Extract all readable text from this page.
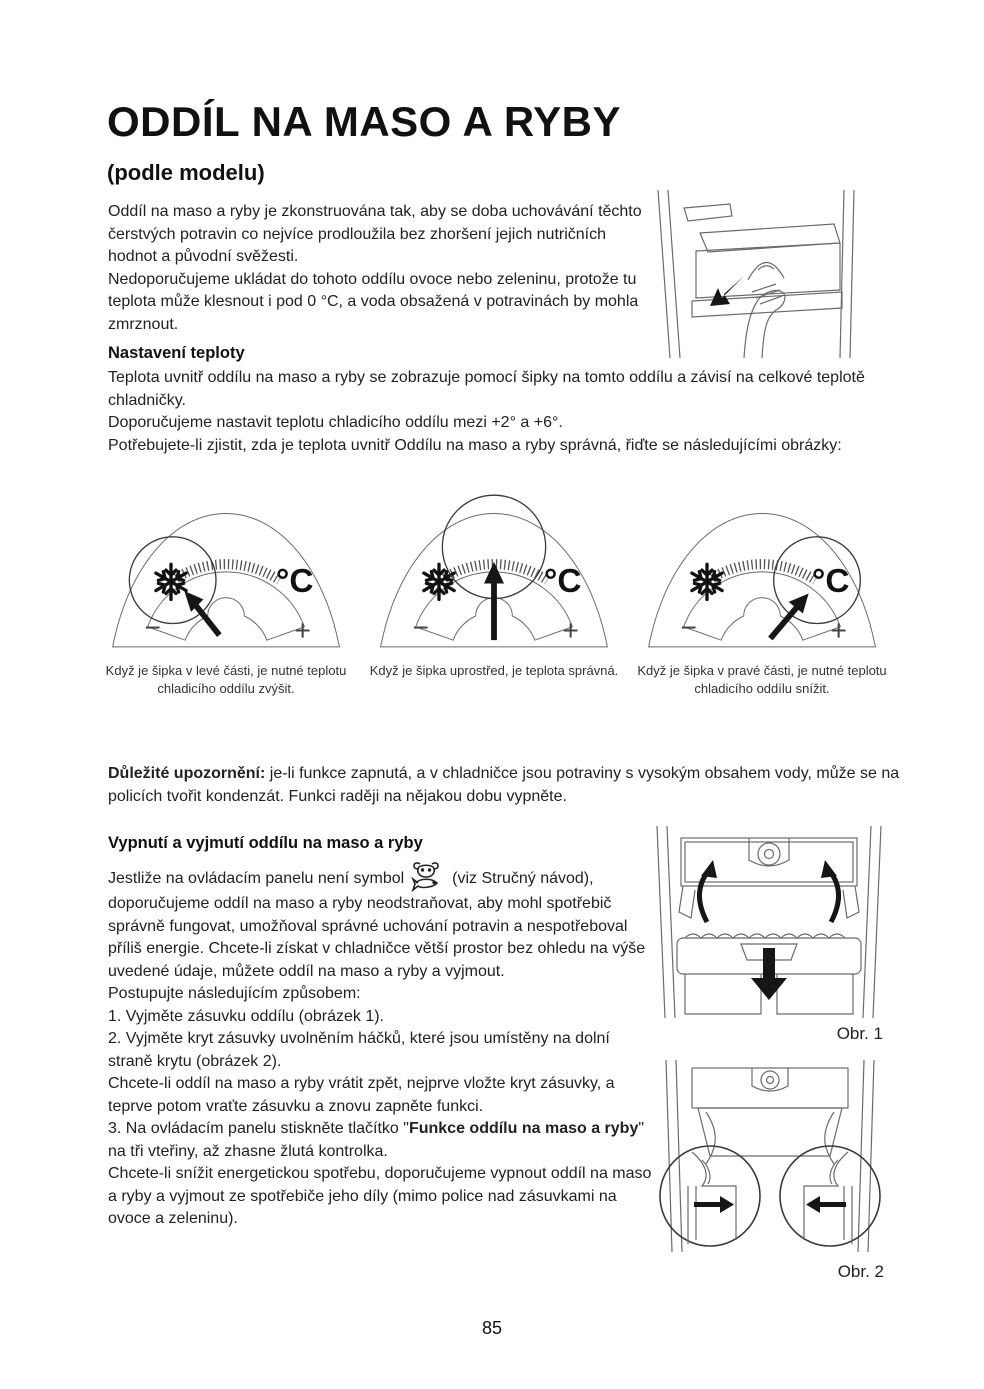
ODDÍL NA MASO A RYBY
(podle modelu)

Oddíl na maso a ryby je zkonstruována tak, aby se doba uchovávání těchto čerstvých potravin co nejvíce prodloužila bez zhoršení jejich nutričních hodnot a původní svěžesti.

Nedoporučujeme ukládat do tohoto oddílu ovoce nebo zeleninu, protože tu teplota může klesnout i pod 0 °C, a voda obsažená v potravinách by mohla zmrznout.

Nastavení teploty

Teplota uvnitř oddílu na maso a ryby se zobrazuje pomocí šipky na tomto oddílu a závisí na celkové teplotě chladničky.

Doporučujeme nastavit teplotu chladicího oddílu mezi +2° a +6°.

Potřebujete-li zjistit, zda je teplota uvnitř Oddílu na maso a ryby správná, řiďte se následujícími obrázky:

°C
−	+
Když je šipka v levé části, je nutné teplotu chladicího oddílu zvýšit.
°C
−	+
Když je šipka uprostřed, je teplota správná.
°C
−	+
Když je šipka v pravé části, je nutné teplotu chladicího oddílu snížit.

Důležité upozornění: je-li funkce zapnutá, a v chladničce jsou potraviny s vysokým obsahem vody, může se na policích tvořit kondenzát. Funkci raději na nějakou dobu vypněte.

Vypnutí a vyjmutí oddílu na maso a ryby

Jestliže na ovládacím panelu není symbol	(viz Stručný návod), doporučujeme oddíl na maso a ryby neodstraňovat, aby mohl spotřebič správně fungovat, umožňoval správné uchování potravin a nespotřeboval příliš energie. Chcete-li získat v chladničce větší prostor bez ohledu na výše uvedené údaje, můžete oddíl na maso a ryby a vyjmout.

Postupujte následujícím způsobem:

1. Vyjměte zásuvku oddílu (obrázek 1).

2. Vyjměte kryt zásuvky uvolněním háčků, které jsou umístěny na dolní straně krytu (obrázek 2).

Chcete-li oddíl na maso a ryby vrátit zpět, nejprve vložte kryt zásuvky, a teprve potom vraťte zásuvku a znovu zapněte funkci.

3. Na ovládacím panelu stiskněte tlačítko "Funkce oddílu na maso a ryby" na tři vteřiny, až zhasne žlutá kontrolka.

Chcete-li snížit energetickou spotřebu, doporučujeme vypnout oddíl na maso a ryby a vyjmout ze spotřebiče jeho díly (mimo police nad zásuvkami na ovoce a zeleninu).

Obr. 1
Obr. 2
85
